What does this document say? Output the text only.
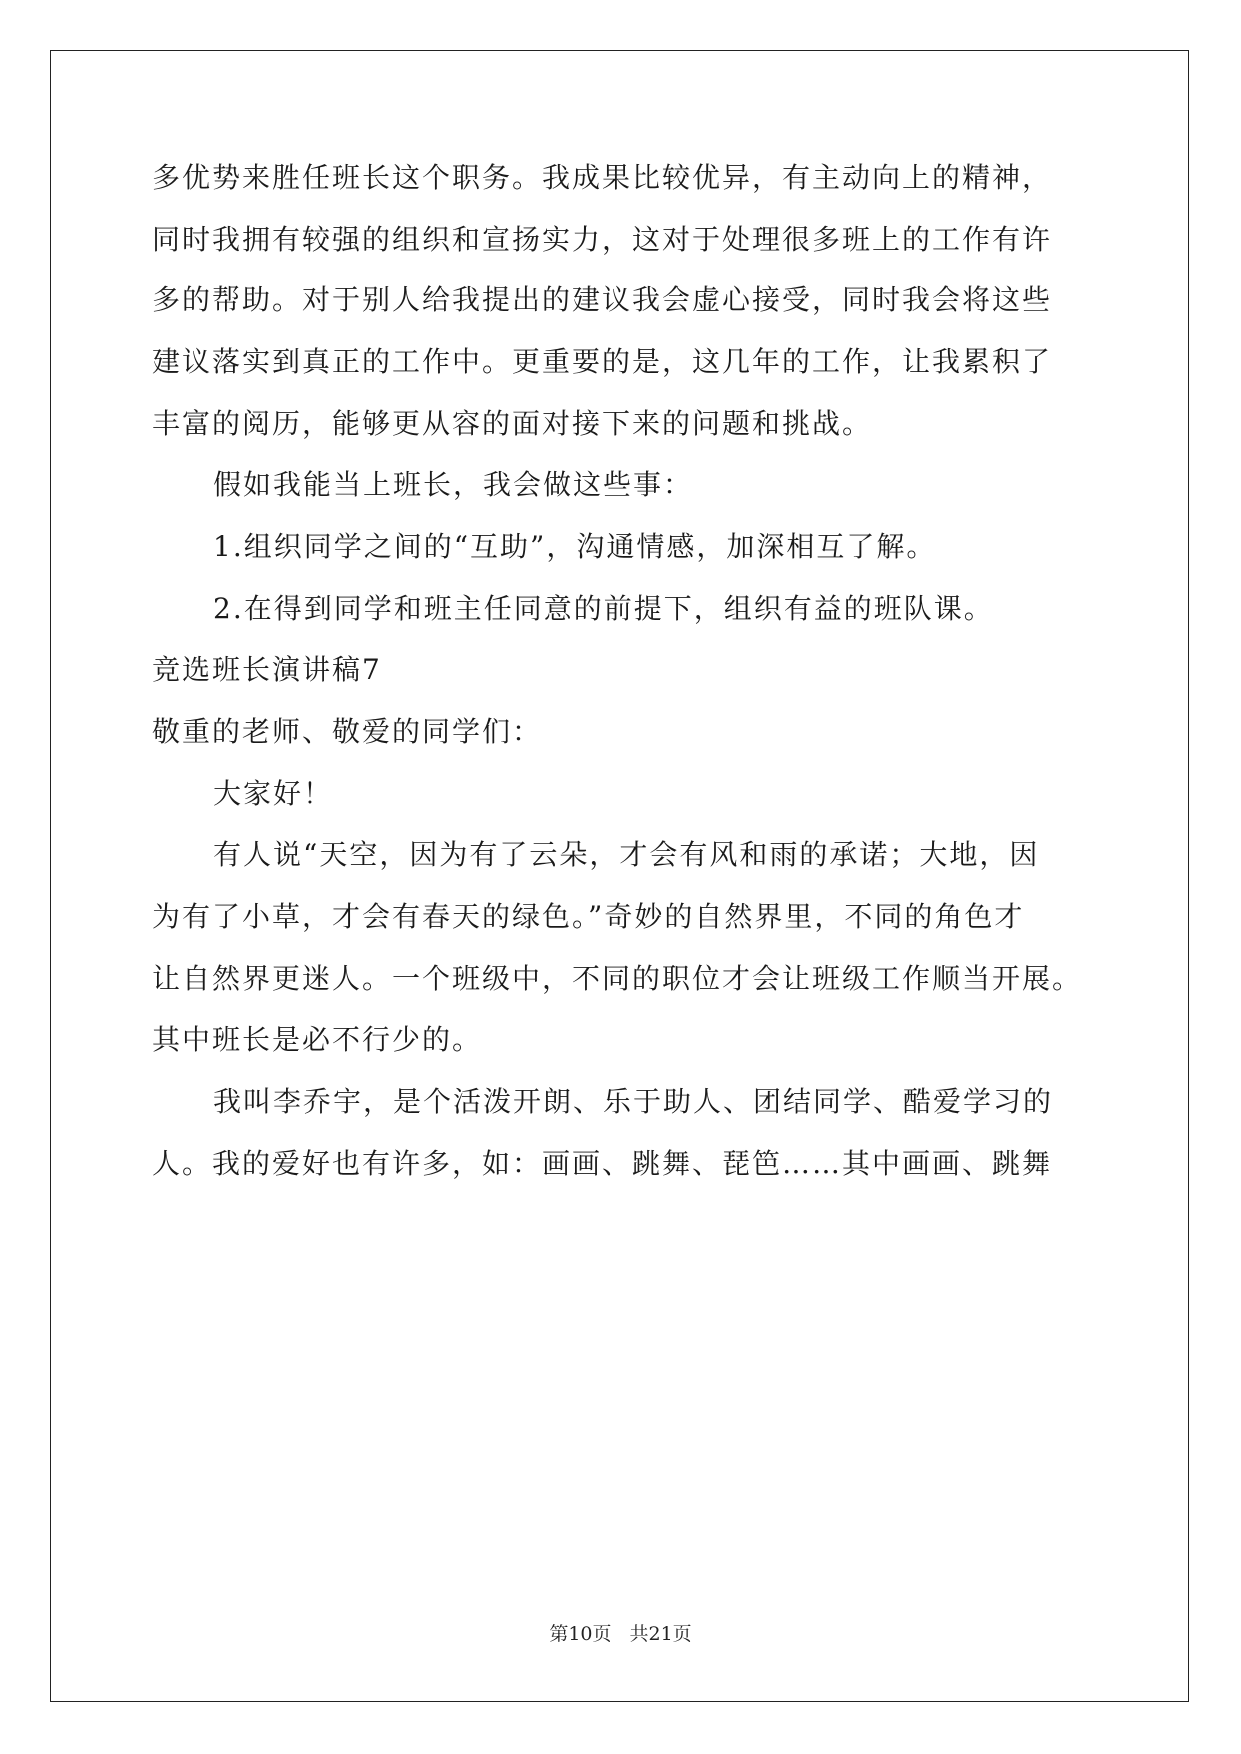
多优势来胜任班长这个职务。我成果比较优异，有主动向上的精神，
同时我拥有较强的组织和宣扬实力，这对于处理很多班上的工作有许
多的帮助。对于别人给我提出的建议我会虚心接受，同时我会将这些
建议落实到真正的工作中。更重要的是，这几年的工作，让我累积了
丰富的阅历，能够更从容的面对接下来的问题和挑战。
假如我能当上班长，我会做这些事：
1.组织同学之间的“互助”，沟通情感，加深相互了解。
2.在得到同学和班主任同意的前提下，组织有益的班队课。
竞选班长演讲稿7
敬重的老师、敬爱的同学们：
大家好！
有人说“天空，因为有了云朵，才会有风和雨的承诺；大地，因
为有了小草，才会有春天的绿色。”奇妙的自然界里，不同的角色才
让自然界更迷人。一个班级中，不同的职位才会让班级工作顺当开展。
其中班长是必不行少的。
我叫李乔宇，是个活泼开朗、乐于助人、团结同学、酷爱学习的
人。我的爱好也有许多，如：画画、跳舞、琵笆……其中画画、跳舞
第10页 共21页
